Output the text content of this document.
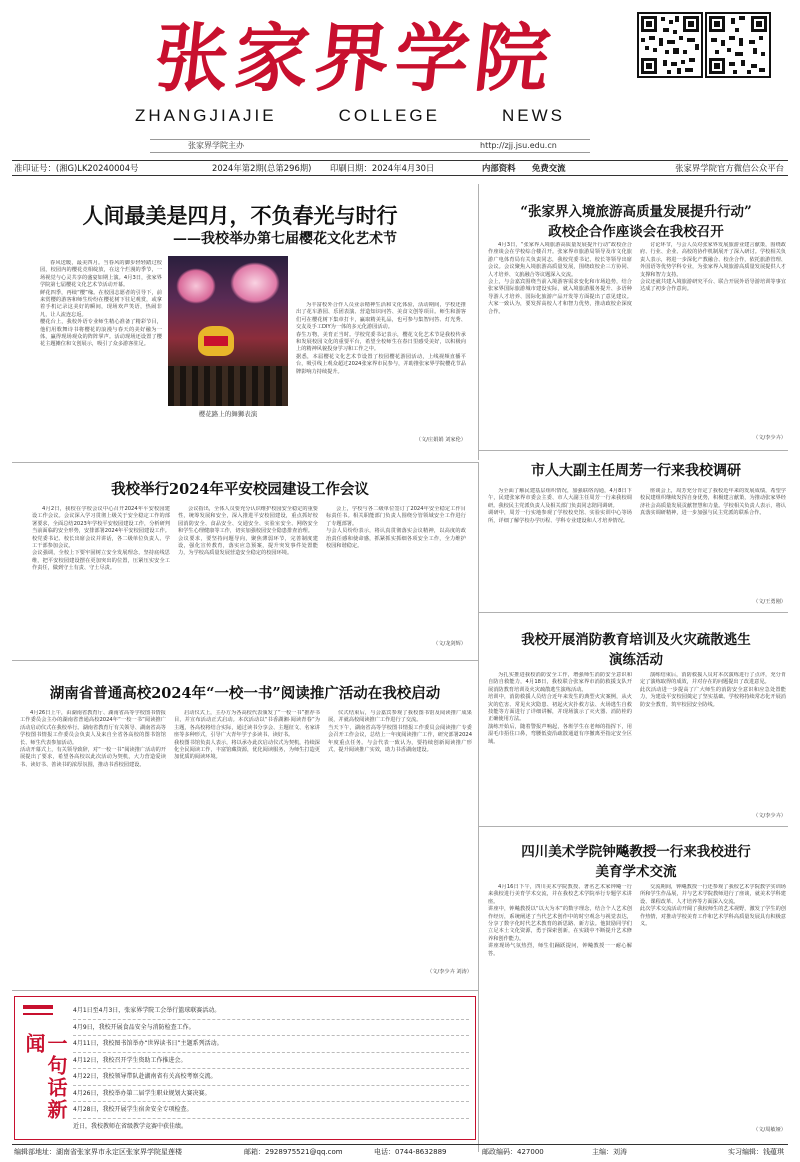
张家界学院
ZHANGJIAJIE	COLLEGE	NEWS
张家界学院主办	http://zjj.jsu.edu.cn
准印证号：(湘G)LK20240004号	2024年第2期(总第296期) 印刷日期：2024年4月30日	内部资料 免费交流	张家界学院官方微信公众平台
人间最美是四月，不负春光与时行
——我校举办第七届樱花文化艺术节

春风送暖，最美四月。当春风的脚步轻轻踏过校园，校园内的樱花竞相绽放，在这个烂漫的季节，一场视觉与心灵共享的盛宴如期上演。4月3日，张家界学院第七届樱花文化艺术节活动开幕。
鲜花四季，再续“樱”缘。在校园志愿者的引导下，前来赏樱的游客和师生纷纷在樱花树下驻足观赏，或拿着手机记录这美好的瞬间，现场欢声笑语，热闹非凡，让人流连忘返。
樱花台上，我校外语专业师生精心准备了精彩节目，他们用歌舞诗书将樱花的浪漫与春天的美好融为一体，赢得现场观众的阵阵掌声。活动现场还设置了樱花主题摊位和文创展示，吸引了众多游客驻足。

樱花路上的舞狮表演

为丰富校外合作人员业余精神生活和文化体验，活动期间，学校还推出了花车游园、乐团表演、营造知识问答、美食文创等项目。师生和游客们可在樱花树下集章打卡，赢取精美礼品，也可参与集智问答、灯光秀、交友及手工DIY为一体的多元化游园活动。
春生万物，美育正当时。学校党委书记表示，樱花文化艺术节是我校传承和发展校园文化的重要平台，希望全校师生在春日里感受美好，以积极向上的精神风貌投身学习和工作之中。
据悉，本届樱花文化艺术节设置了校园樱花游园活动，上线视频直播平台，吸引线上观众超过2024张家界市民参与，并助推张家界学院樱花节品牌影响力持续提升。

（文/庄娟娟 刘家伦）
“张家界入境旅游高质量发展提升行动”
政校企合作座谈会在我校召开

4月3日，“张家界入境旅游高质量发展提升行动”政校企合作座谈会在学校综合楼召开。张家界市旅游局领导及市文化旅游广电体育局有关负责同志，我校党委书记、校长等领导出席会议。会议聚焦入境旅游高质量发展，围绕政校企三方协同、人才培养、文旅融合等议题深入交流。
会上，与会嘉宾围绕当前入境游客需求变化和市场趋势，结合张家界国际旅游城市建设实际，就入境旅游服务提升、多语种导游人才培养、国际化旅游产品开发等方面提出了意见建议。大家一致认为，要发挥高校人才和智力优势，推动政校企深度合作。

讨论环节，与会人员对张家界发展旅游业建言献策，围绕政府、行业、企业、高校的协作机制展开了深入研讨。学校相关负责人表示，将进一步深化产教融合、校企合作，依托旅游管理、外国语等优势学科专业，为张家界入境旅游高质量发展提供人才支撑和智力支持。
会议还就共建入境旅游研究平台、联合开展外语导游培训等事宜达成了初步合作意向。

（文/李少卉）
我校举行2024年平安校园建设工作会议

4月2日，我校在学校会议中心召开2024年平安校园建设工作会议。会议深入学习贯彻上级关于安全稳定工作的部署要求，全面总结2023年学校平安校园建设工作，分析研判当前面临的安全形势，安排部署2024年平安校园建设工作。校党委书记、校长出席会议并讲话，各二级单位负责人、学工干部参加会议。
会议强调，全校上下要牢固树立安全发展理念，坚持底线思维，把平安校园建设摆在更加突出的位置，压紧压实安全工作责任，做到守土有责、守土尽责。

会议指出，全体人员要充分认识维护校园安全稳定的重要性，统筹发展和安全，深入推进平安校园建设，重点抓好校园消防安全、食品安全、交通安全、实验室安全、网络安全和学生心理健康等工作，切实加强校园安全隐患排查治理。
会议要求，要坚持问题导向，聚焦薄弱环节，完善制度建设，强化宣传教育，落实应急预案，提升突发事件处置能力，为学校高质量发展营造安全稳定的校园环境。

会上，学校与各二级单位签订了2024年安全稳定工作目标责任书。相关职能部门负责人围绕分管领域安全工作进行了专题部署。
与会人员纷纷表示，将认真贯彻落实会议精神，以高度的政治责任感和使命感，抓紧抓实抓细各项安全工作，全力维护校园和谐稳定。

（文/龙剑辉）
市人大副主任周芳一行来我校调研

为全面了解民建基层组织情况，加强联络沟通，4月8日下午，民建张家界市委会主委、市人大副主任周芳一行来我校调研。我校民主党派负责人及相关部门负责同志陪同调研。
调研中，周芳一行实地参观了学校校史馆、实验实训中心等场所，详细了解学校办学历程、学科专业建设和人才培养情况。

座谈会上，周芳充分肯定了我校近年来的发展成绩，希望学校民建组织继续发挥自身优势，积极建言献策，为推动张家界经济社会高质量发展贡献智慧和力量。学校相关负责人表示，将认真落实调研精神，进一步加强与民主党派的联系合作。

（文/王勇刚）
我校开展消防教育培训及火灾疏散逃生
演练活动

为扎实推进我校消防安全工作，增强师生消防安全意识和自防自救能力，4月18日，我校联合张家界市消防救援支队开展消防教育培训及火灾疏散逃生演练活动。
培训中，消防救援人员结合近年来发生的典型火灾案例，从火灾的危害、常见火灾隐患、初起火灾扑救方法、火场逃生自救技能等方面进行了详细讲解，并现场演示了灭火器、消防栓的正确使用方法。
演练开始后，随着警报声响起，各班学生在老师的指挥下，用湿毛巾捂住口鼻，弯腰低姿沿疏散通道有序撤离至指定安全区域。

演练结束后，消防救援人员对本次演练进行了点评，充分肯定了演练取得的成效，并对存在的问题提出了改进意见。
此次活动进一步提高了广大师生的消防安全意识和应急处置能力，为建设平安校园奠定了坚实基础。学校将持续常态化开展消防安全教育，筑牢校园安全防线。

（文/李少卉）
湖南省普通高校2024年“一校一书”阅读推广活动在我校启动

4月26日上午，由湖南省教育厅、湖南省高等学校图书情报工作委员会主办的湖南省普通高校2024年“一校一书”阅读推广活动启动仪式在我校举行。湖南省教育厅有关领导、湖南省高等学校图书情报工作委员会负责人及来自全省各高校的图书馆馆长、师生代表参加活动。
活动开幕式上，有关领导致辞，对“一校一书”阅读推广活动的开展提出了要求，希望各高校以此次活动为契机，大力营造爱读书、读好书、善读书的浓厚氛围，推动书香校园建设。

启动仪式上，主办方为各高校代表颁发了“一校一书”推荐书目，并宣布活动正式启动。本次活动以“书香湖湘·阅读青春”为主题，各高校将结合实际，通过读书分享会、主题征文、名家讲座等多种形式，引导广大青年学子多读书、读好书。
我校图书馆负责人表示，将以承办此次启动仪式为契机，持续深化全民阅读工作，丰富馆藏资源，优化阅读服务，为师生打造更加优质的阅读环境。

仪式结束后，与会嘉宾参观了我校图书馆及阅读推广成果展，并就高校阅读推广工作进行了交流。
当天下午，湖南省高等学校图书情报工作委员会阅读推广专委会召开工作会议，总结上一年度阅读推广工作，研究部署2024年度重点任务。与会代表一致认为，要持续创新阅读推广形式，提升阅读推广实效，助力书香湖南建设。

（文/李少卉 刘涛）
一句话新闻
4月1日至4月3日，张家界学院工会举行篮球联赛活动。
4月9日，我校开展食品安全与消防检查工作。
4月11日，我校图书馆举办“世界读书日”主题系列活动。
4月12日，我校召开学生资助工作推进会。
4月22日，我校领导带队赴湖南省有关高校考察交流。
4月26日，我校举办第二届学生职业规划大赛决赛。
4月28日，我校开展学生宿舍安全专项检查。
近日，我校教师在省级教学竞赛中获佳绩。
四川美术学院钟飚教授一行来我校进行
美育学术交流

4月16日下午，四川美术学院教授、著名艺术家钟飚一行来我校进行美育学术交流，并在我校艺术学院举行专题学术讲座。
讲座中，钟飚教授以“以大为本”的数字理念，结合个人艺术创作经历，系统阐述了当代艺术创作中的时空观念与视觉表达，分享了数字化时代艺术教育的新思路、新方法。他鼓励同学们立足本土文化资源，勇于探索创新，在实践中不断提升艺术修养和创作能力。
讲座现场气氛热烈，师生们踊跃提问，钟飚教授一一耐心解答。

交流期间，钟飚教授一行还参观了我校艺术学院教学实训场所和学生作品展，并与艺术学院教师进行了座谈，就美术学科建设、课程改革、人才培养等方面深入交流。
此次学术交流活动开阔了我校师生的艺术视野，激发了学生的创作热情，对推动学校美育工作和艺术学科高质量发展具有积极意义。

（文/周敏娅）
编辑部地址：湖南省张家界市永定区张家界学院星莲楼	邮箱：2928975521@qq.com	电话：0744-8632889	邮政编码：427000	主编：刘涛	实习编辑：钱蕴琪
